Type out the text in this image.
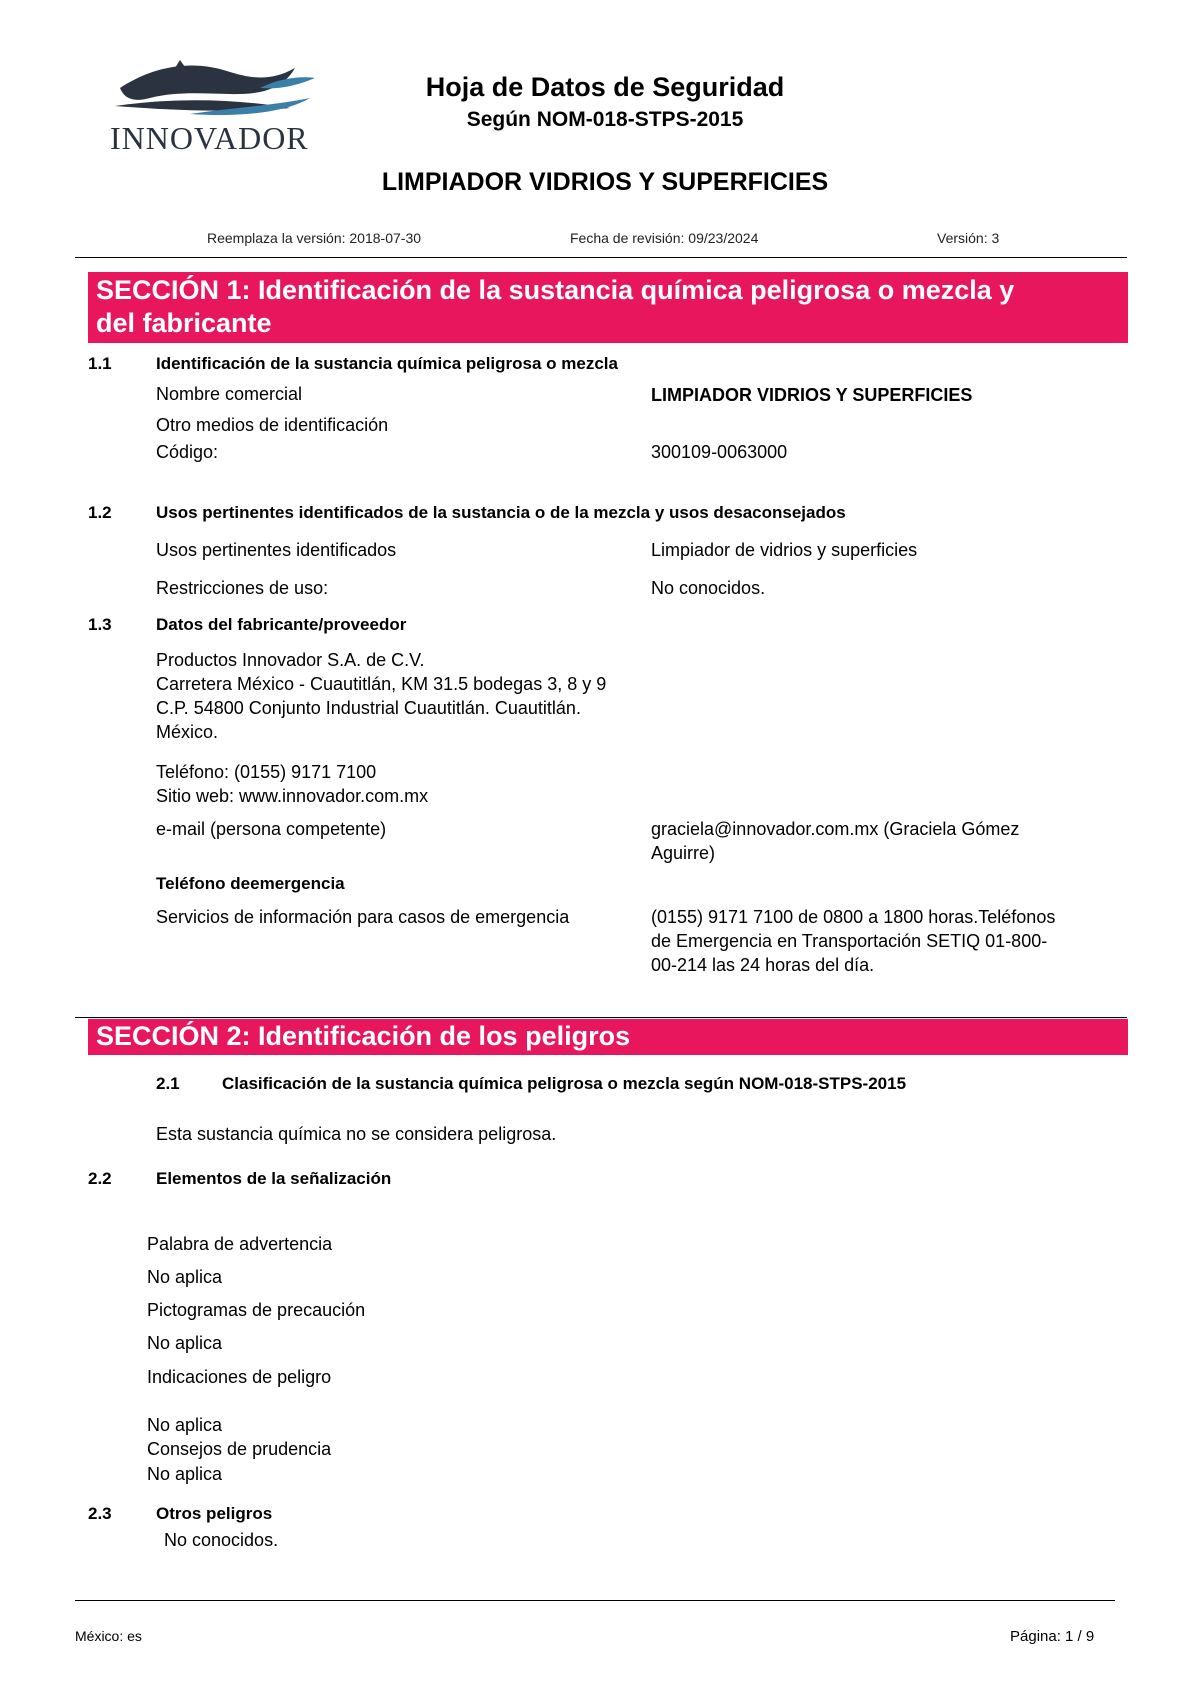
INNOVADOR
Hoja de Datos de Seguridad
Según NOM-018-STPS-2015
LIMPIADOR VIDRIOS Y SUPERFICIES
Reemplaza la versión: 2018-07-30	Fecha de revisión: 09/23/2024	Versión: 3
SECCIÓN 1: Identificación de la sustancia química peligrosa o mezcla y
del fabricante
1.1	Identificación de la sustancia química peligrosa o mezcla
Nombre comercial	LIMPIADOR VIDRIOS Y SUPERFICIES
Otro medios de identificación
Código:	300109-0063000
1.2	Usos pertinentes identificados de la sustancia o de la mezcla y usos desaconsejados
Usos pertinentes identificados	Limpiador de vidrios y superficies
Restricciones de uso:	No conocidos.
1.3	Datos del fabricante/proveedor
Productos Innovador S.A. de C.V.
Carretera México - Cuautitlán, KM 31.5 bodegas 3, 8 y 9
C.P. 54800 Conjunto Industrial Cuautitlán. Cuautitlán.
México.
Teléfono: (0155) 9171 7100
Sitio web: www.innovador.com.mx
e-mail (persona competente)	graciela@innovador.com.mx (Graciela Gómez
Aguirre)
Teléfono deemergencia
Servicios de información para casos de emergencia	(0155) 9171 7100 de 0800 a 1800 horas.Teléfonos
de Emergencia en Transportación SETIQ 01-800-
00-214 las 24 horas del día.
SECCIÓN 2: Identificación de los peligros
2.1 Clasificación de la sustancia química peligrosa o mezcla según NOM-018-STPS-2015
Esta sustancia química no se considera peligrosa.
2.2	Elementos de la señalización
Palabra de advertencia
No aplica
Pictogramas de precaución
No aplica
Indicaciones de peligro
No aplica
Consejos de prudencia
No aplica
2.3	Otros peligros
No conocidos.
México: es	Página: 1 / 9
